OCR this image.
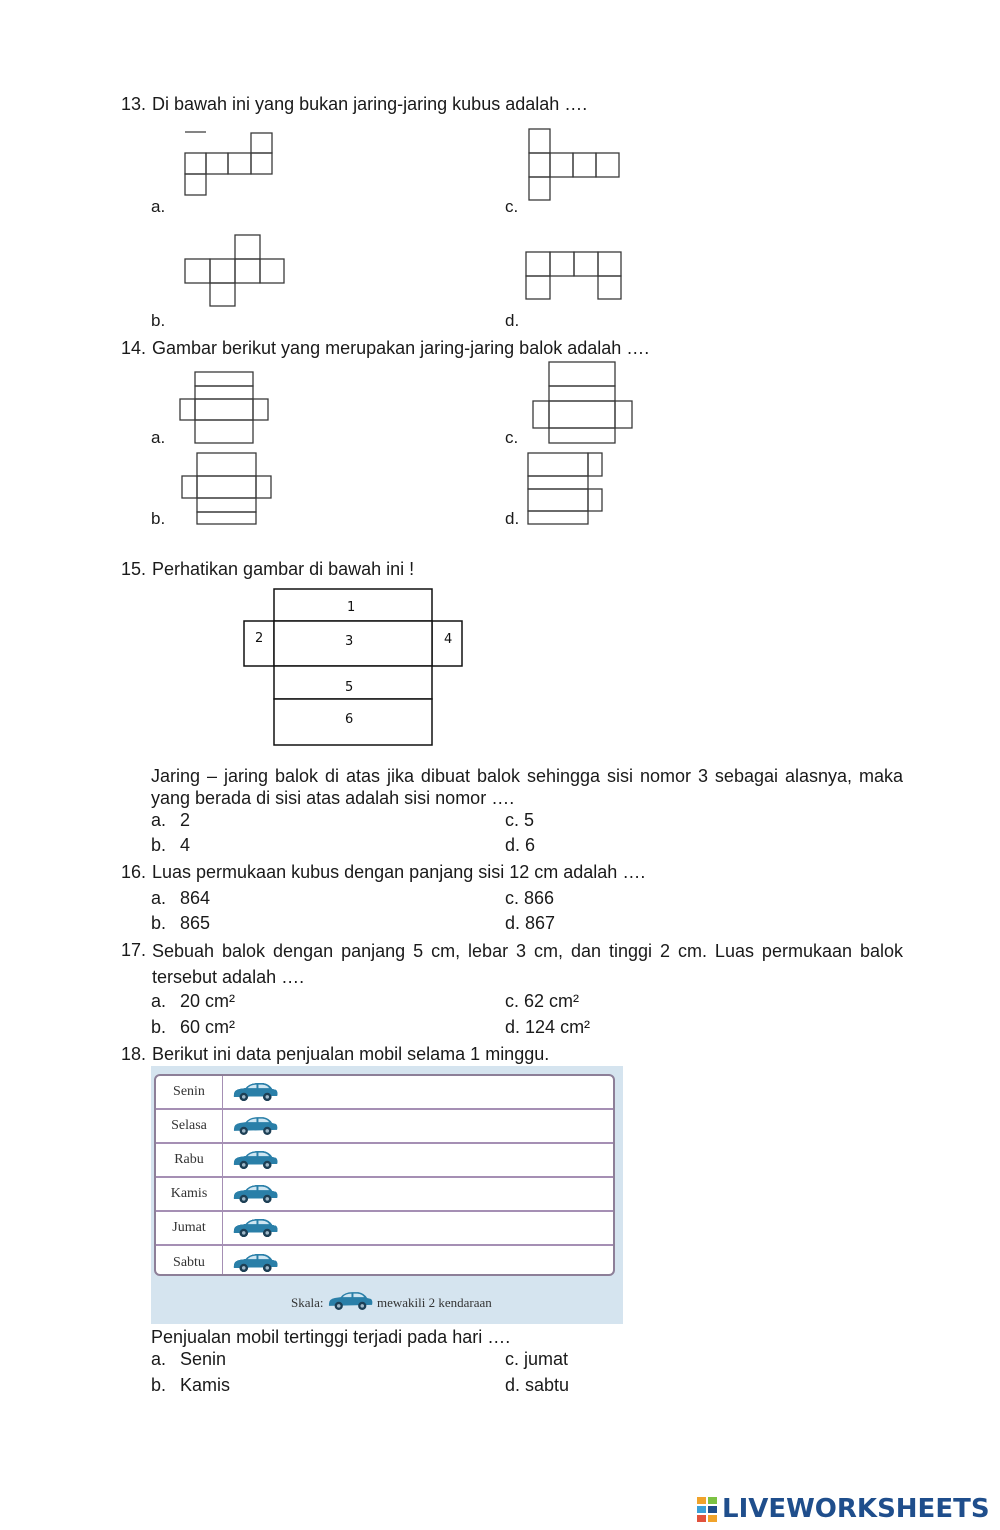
13. Di bawah ini yang bukan jaring-jaring kubus adalah ….
a.	c.
b.	d.
14. Gambar berikut yang merupakan jaring-jaring balok adalah ….
a.	c.
b.	d.
15. Perhatikan gambar di bawah ini !
1
2	3	4
5
6
Jaring – jaring balok di atas jika dibuat balok sehingga sisi nomor 3 sebagai alasnya, maka yang berada di sisi atas adalah sisi nomor ….
a. 2
b. 4
c. 5
d. 6
16. Luas permukaan kubus dengan panjang sisi 12 cm adalah ….
a. 864
b. 865
c. 866
d. 867
17. Sebuah balok dengan panjang 5 cm, lebar 3 cm, dan tinggi 2 cm. Luas permukaan balok tersebut adalah ….
a. 20 cm²
b. 60 cm²
c. 62 cm²
d. 124 cm²
18. Berikut ini data penjualan mobil selama 1 minggu.
Senin
Selasa
Rabu
Kamis
Jumat
Sabtu
Skala:	mewakili 2 kendaraan
Penjualan mobil tertinggi terjadi pada hari ….
a. Senin
b. Kamis
c. jumat
d. sabtu
LIVEWORKSHEETS
